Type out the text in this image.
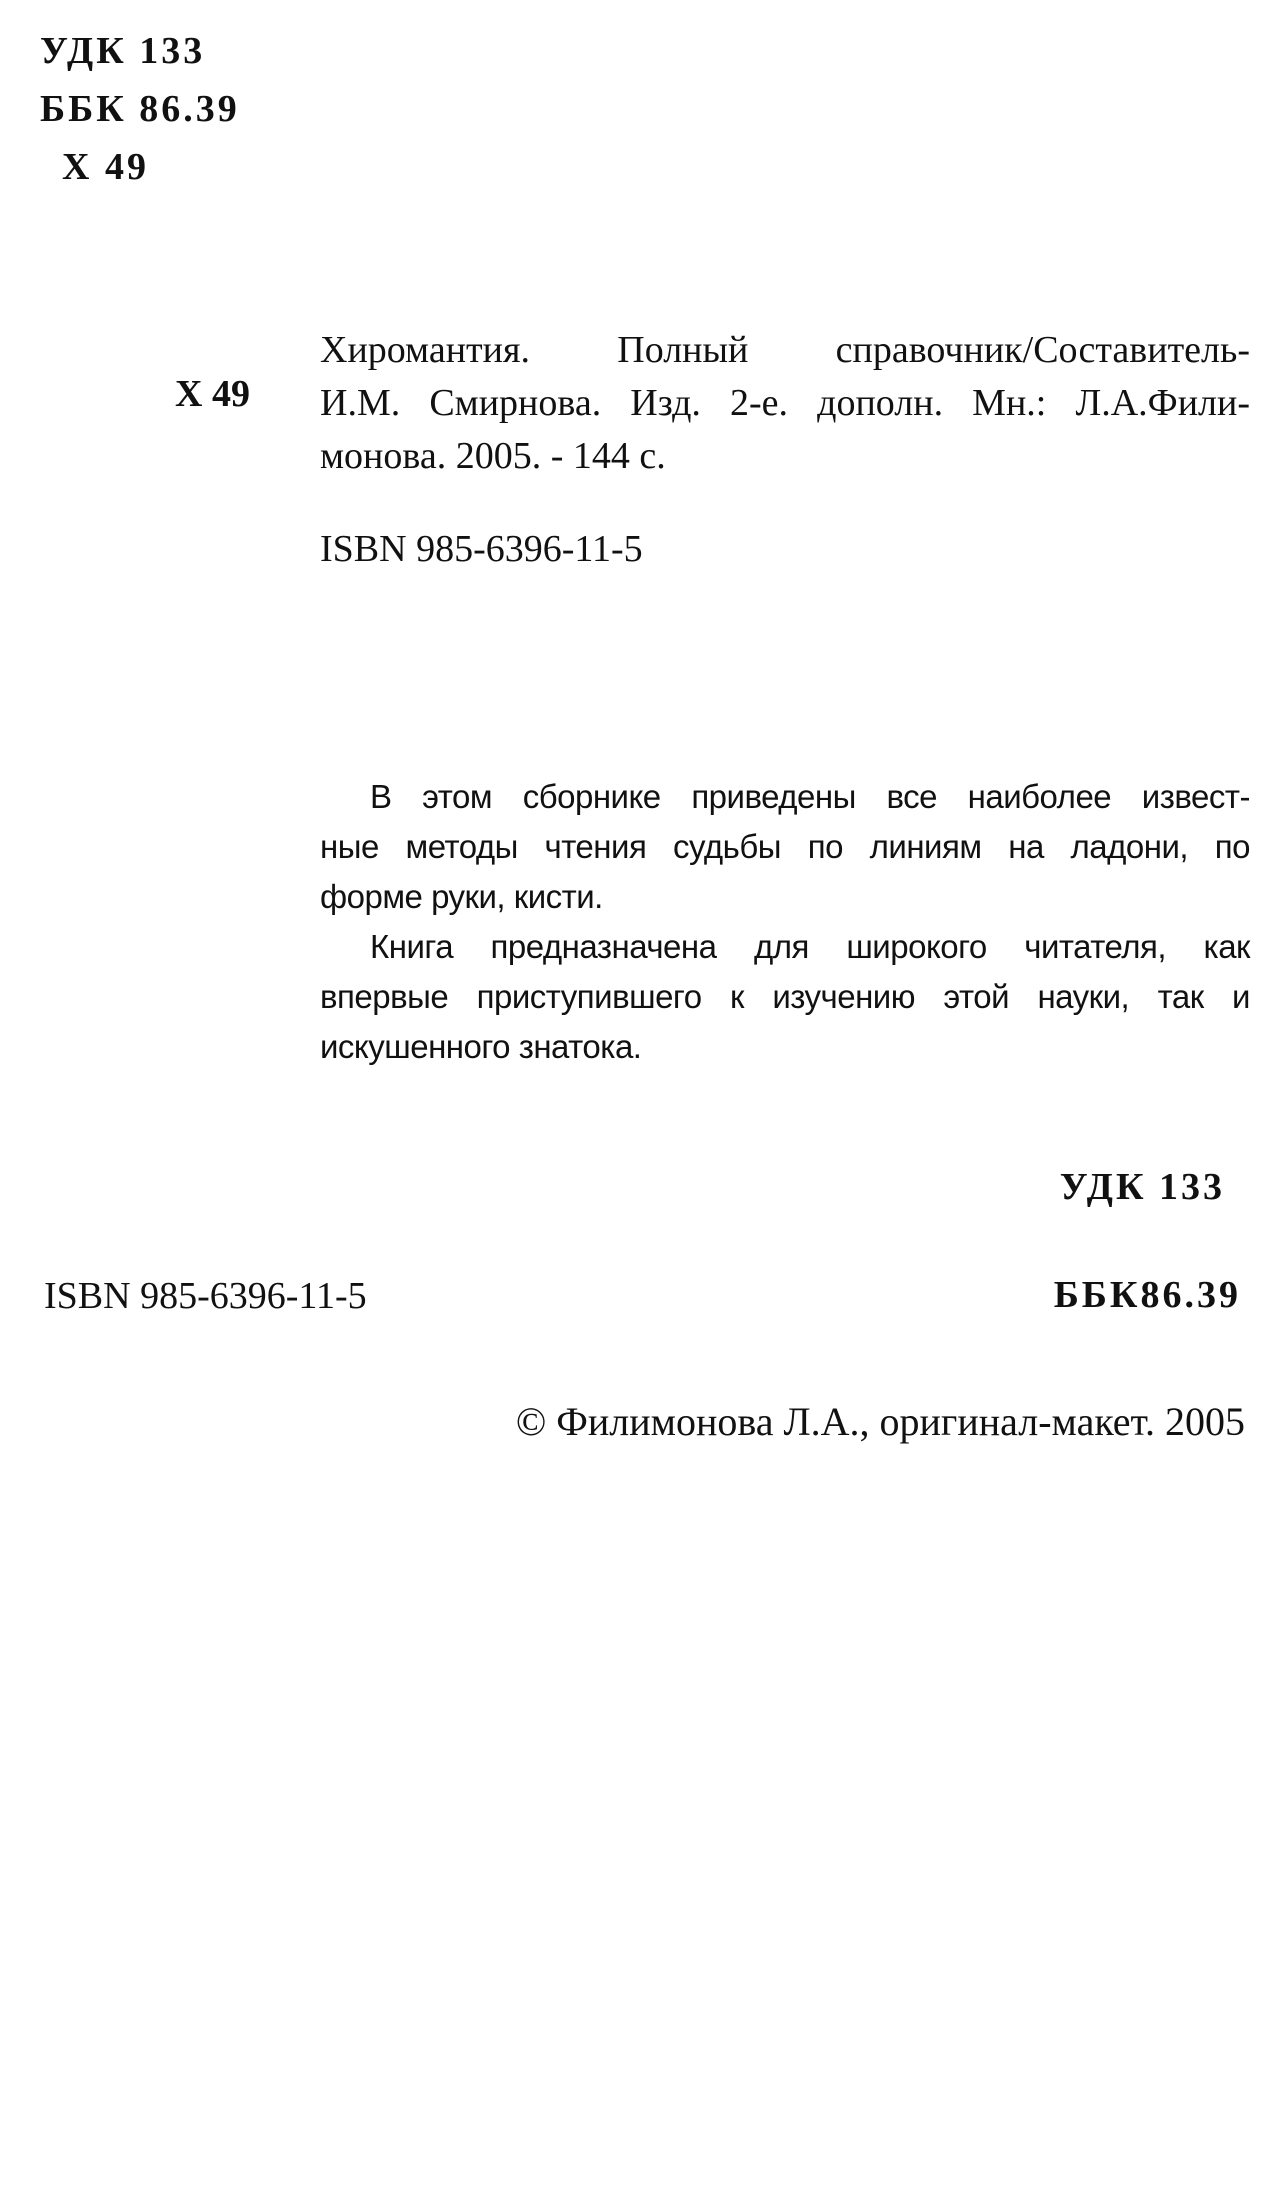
УДК 133
ББК 86.39
Х 49
Х 49
Хиромантия. Полный справочник/Составитель-
И.М. Смирнова. Изд. 2-е. дополн. Мн.: Л.А.Фили-
монова. 2005. - 144 с.
ISBN 985-6396-11-5
В этом сборнике приведены все наиболее извест-
ные методы чтения судьбы по линиям на ладони, по
форме руки, кисти.
Книга предназначена для широкого читателя, как
впервые приступившего к изучению этой науки, так и
искушенного знатока.
УДК 133
ISBN 985-6396-11-5	ББК86.39
© Филимонова Л.А., оригинал-макет. 2005
